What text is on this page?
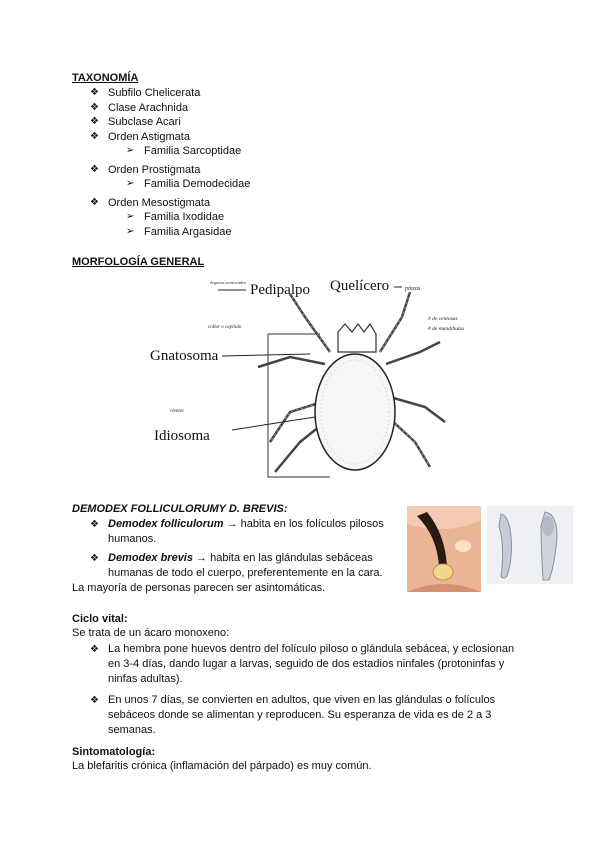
TAXONOMÍA
❖ Subfilo Chelicerata
❖ Clase Arachnida
❖ Subclase Acari
❖ Orden Astigmata
➢ Familia Sarcoptidae
❖ Orden Prostigmata
➢ Familia Demodecidae
❖ Orden Mesostigmata
➢ Familia Ixodidae
➢ Familia Argasidae
MORFOLOGÍA GENERAL
Pedipalpo Quelícero	pinzas
órganos sensoriales
collar o capítulo
# de ventosas
# de mandíbulas
Gnatosoma
vientre
Idiosoma
DEMODEX FOLLICULORUMY D. BREVIS:
❖ Demodex folliculorum → habita en los folículos pilosos humanos.
❖ Demodex brevis → habita en las glándulas sebáceas humanas de todo el cuerpo, preferentemente en la cara.
La mayoría de personas parecen ser asintomáticas.
Ciclo vital:
Se trata de un ácaro monoxeno:
❖ La hembra pone huevos dentro del folículo piloso o glándula sebácea, y eclosionan en 3-4 días, dando lugar a larvas, seguido de dos estadios ninfales (protoninfas y ninfas adultas).
❖ En unos 7 días, se convierten en adultos, que viven en las glándulas o folículos sebáceos donde se alimentan y reproducen. Su esperanza de vida es de 2 a 3 semanas.
Sintomatología:
La blefaritis crónica (inflamación del párpado) es muy común.
